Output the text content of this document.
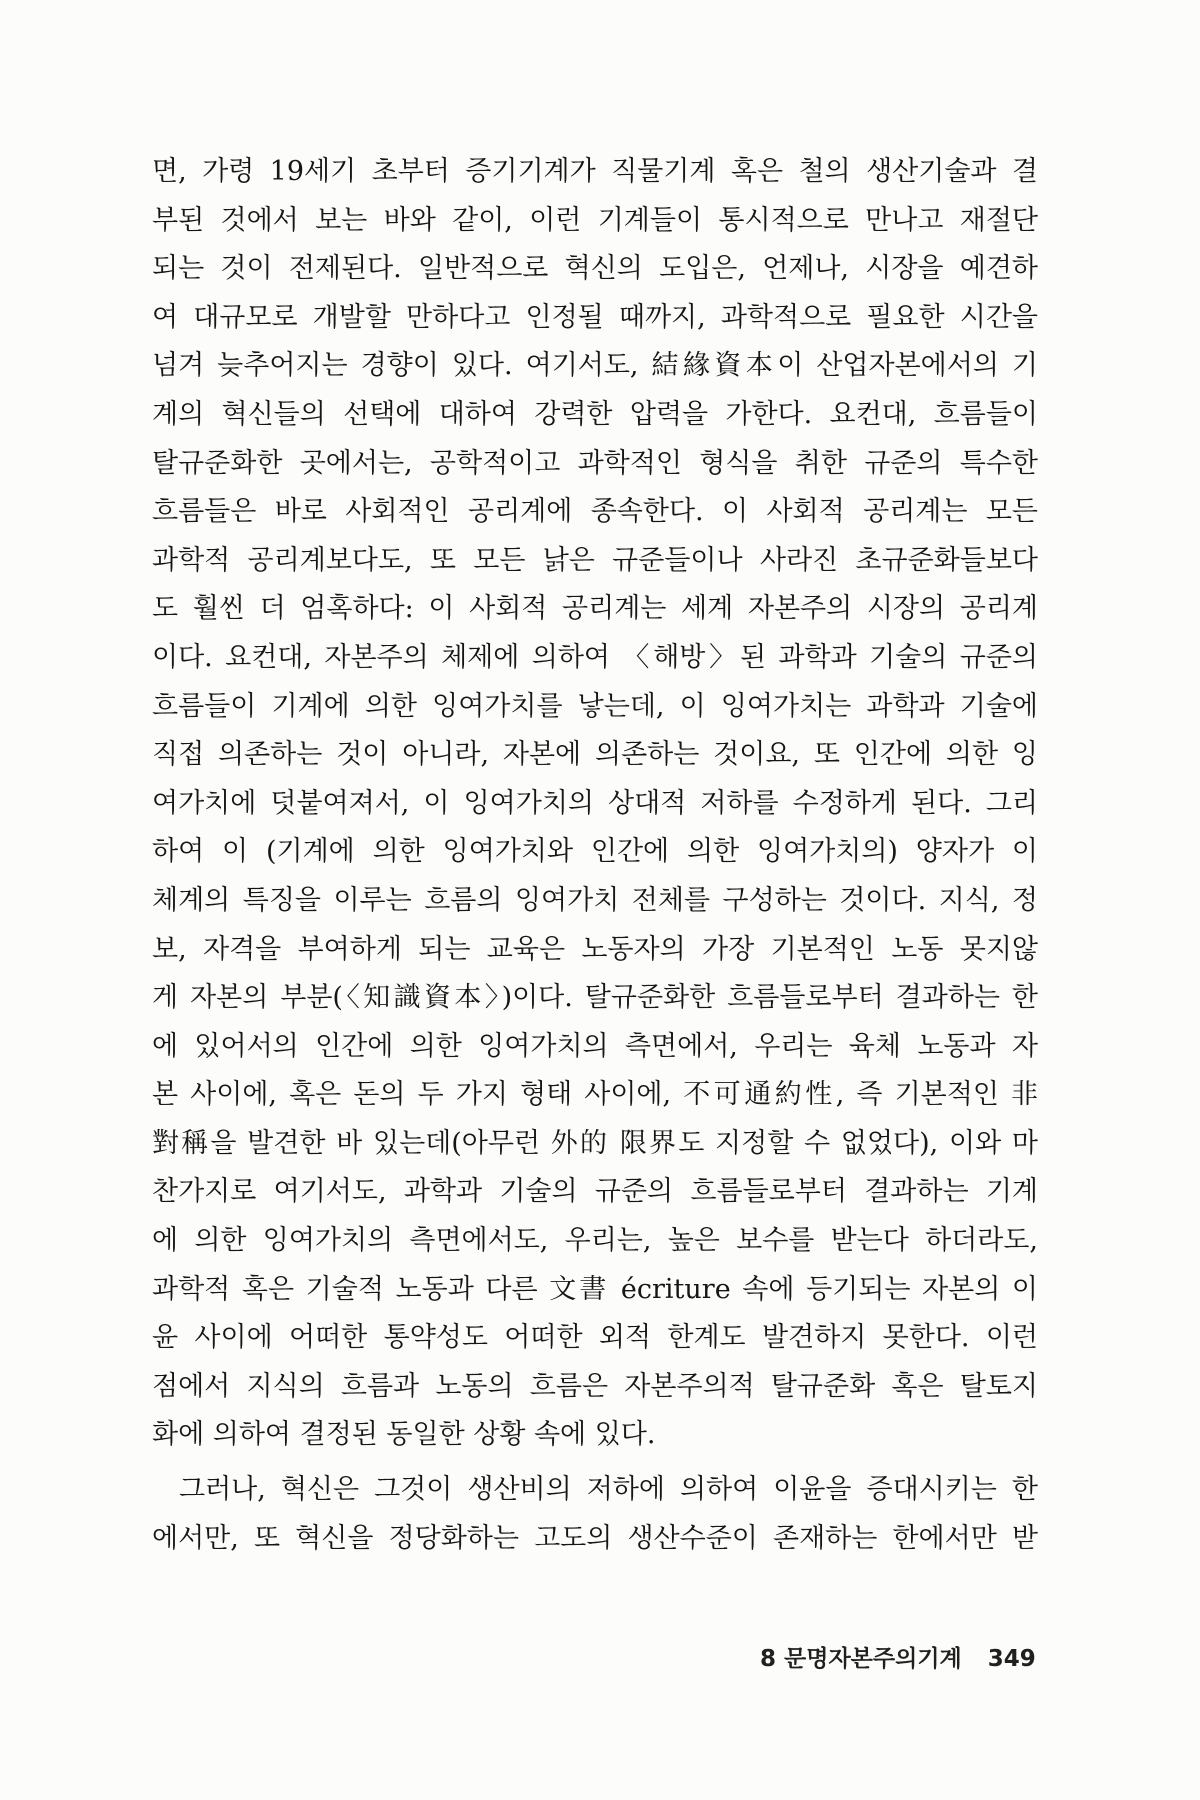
면, 가령 19세기 초부터 증기기계가 직물기계 혹은 철의 생산기술과 결
부된 것에서 보는 바와 같이, 이런 기계들이 통시적으로 만나고 재절단
되는 것이 전제된다. 일반적으로 혁신의 도입은, 언제나, 시장을 예견하
여 대규모로 개발할 만하다고 인정될 때까지, 과학적으로 필요한 시간을
넘겨 늦추어지는 경향이 있다. 여기서도, 結緣資本이 산업자본에서의 기
계의 혁신들의 선택에 대하여 강력한 압력을 가한다. 요컨대, 흐름들이
탈규준화한 곳에서는, 공학적이고 과학적인 형식을 취한 규준의 특수한
흐름들은 바로 사회적인 공리계에 종속한다. 이 사회적 공리계는 모든
과학적 공리계보다도, 또 모든 낡은 규준들이나 사라진 초규준화들보다
도 훨씬 더 엄혹하다: 이 사회적 공리계는 세계 자본주의 시장의 공리계
이다. 요컨대, 자본주의 체제에 의하여 〈해방〉된 과학과 기술의 규준의
흐름들이 기계에 의한 잉여가치를 낳는데, 이 잉여가치는 과학과 기술에
직접 의존하는 것이 아니라, 자본에 의존하는 것이요, 또 인간에 의한 잉
여가치에 덧붙여져서, 이 잉여가치의 상대적 저하를 수정하게 된다. 그리
하여 이 (기계에 의한 잉여가치와 인간에 의한 잉여가치의) 양자가 이
체계의 특징을 이루는 흐름의 잉여가치 전체를 구성하는 것이다. 지식, 정
보, 자격을 부여하게 되는 교육은 노동자의 가장 기본적인 노동 못지않
게 자본의 부분(〈知識資本〉)이다. 탈규준화한 흐름들로부터 결과하는 한
에 있어서의 인간에 의한 잉여가치의 측면에서, 우리는 육체 노동과 자
본 사이에, 혹은 돈의 두 가지 형태 사이에, 不可通約性, 즉 기본적인 非
對稱을 발견한 바 있는데(아무런 外的 限界도 지정할 수 없었다), 이와 마
찬가지로 여기서도, 과학과 기술의 규준의 흐름들로부터 결과하는 기계
에 의한 잉여가치의 측면에서도, 우리는, 높은 보수를 받는다 하더라도,
과학적 혹은 기술적 노동과 다른 文書 écriture 속에 등기되는 자본의 이
윤 사이에 어떠한 통약성도 어떠한 외적 한계도 발견하지 못한다. 이런
점에서 지식의 흐름과 노동의 흐름은 자본주의적 탈규준화 혹은 탈토지
화에 의하여 결정된 동일한 상황 속에 있다.
그러나, 혁신은 그것이 생산비의 저하에 의하여 이윤을 증대시키는 한
에서만, 또 혁신을 정당화하는 고도의 생산수준이 존재하는 한에서만 받
8 문명자본주의기계 349
